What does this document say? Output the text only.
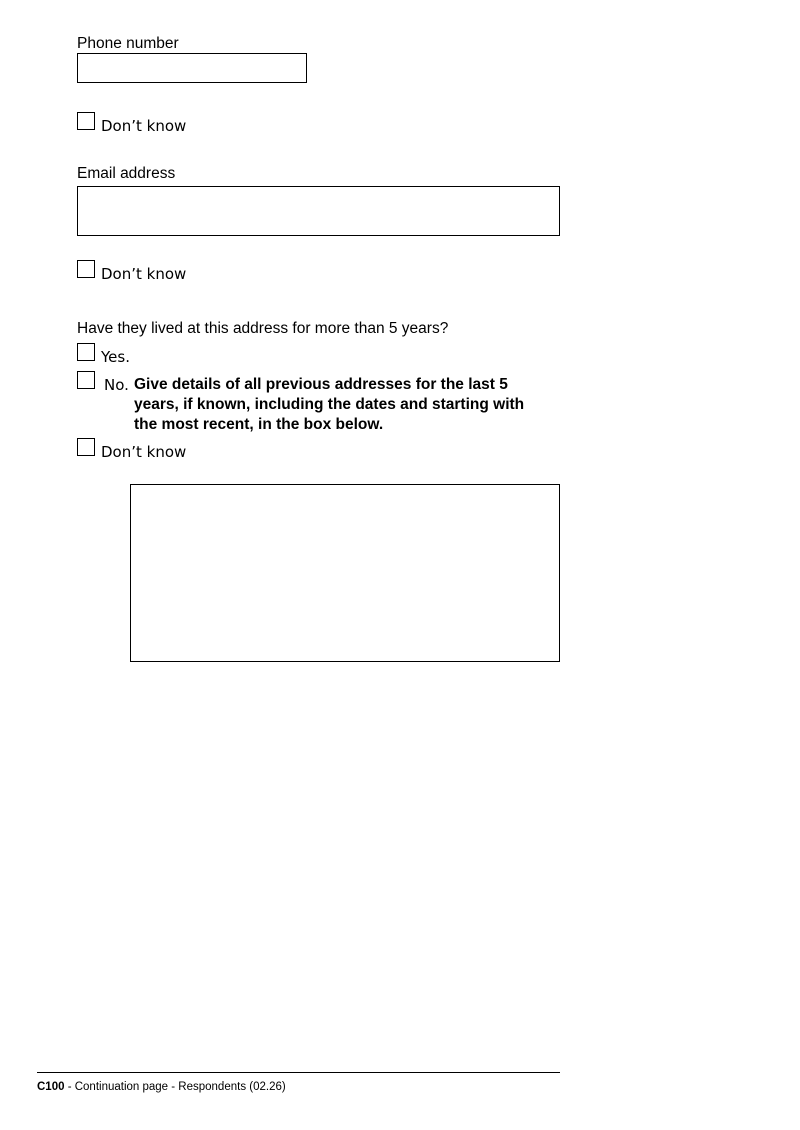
Phone number
Don’t know
Email address
Don’t know
Have they lived at this address for more than 5 years?
Yes.
No. Give details of all previous addresses for the last 5 years, if known, including the dates and starting with the most recent, in the box below.
Don’t know
C100 - Continuation page - Respondents (02.26)
